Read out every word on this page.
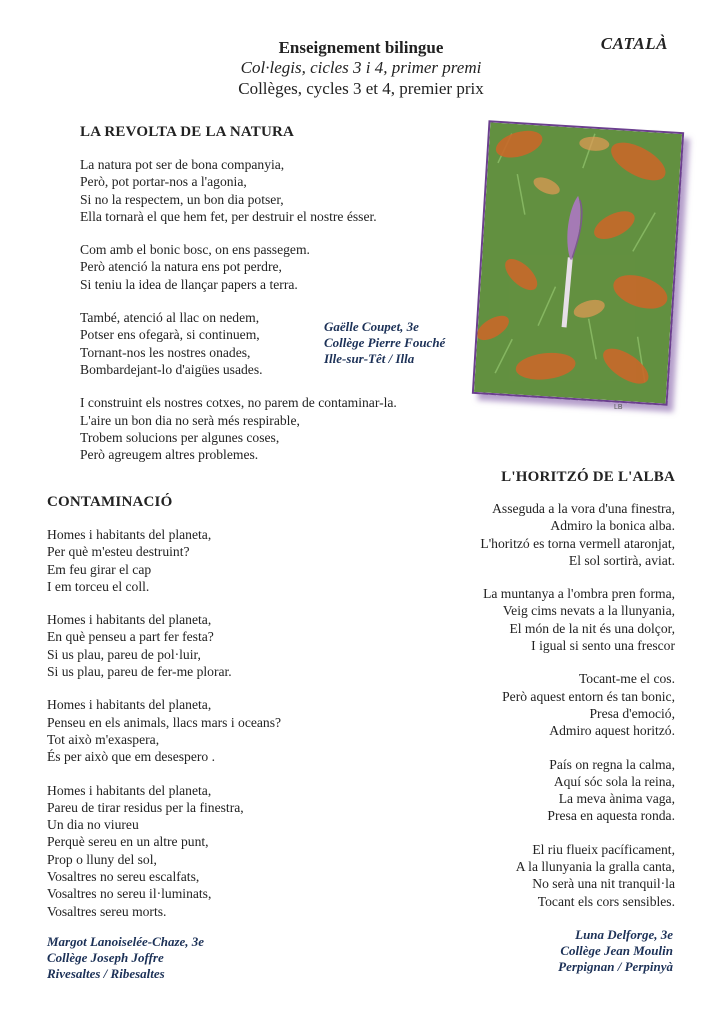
Enseignement bilingue
Col·legis, cicles 3 i 4, primer premi
Collèges, cycles 3 et 4, premier prix
CATALÀ
LA REVOLTA DE LA NATURA
La natura pot ser de bona companyia,
Però, pot portar-nos a l'agonia,
Si no la respectem, un bon dia potser,
Ella tornarà el que hem fet, per destruir el nostre ésser.
Com amb el bonic bosc, on ens passegem.
Però atenció la natura ens pot perdre,
Si teniu la idea de llançar papers a terra.
També, atenció al llac on nedem,
Potser ens ofegarà, si continuem,
Tornant-nos les nostres onades,
Bombardejant-lo d'aigües usades.
I construint els nostres cotxes, no parem de contaminar-la.
L'aire un bon dia no serà més respirable,
Trobem solucions per algunes coses,
Però agreugem altres problemes.
Gaëlle Coupet, 3e
Collège Pierre Fouché
Ille-sur-Têt / Illa
LB
CONTAMINACIÓ
Homes i habitants del planeta,
Per què m'esteu destruint?
Em feu girar el cap
I em torceu el coll.
Homes i habitants del planeta,
En què penseu a part fer festa?
Si us plau, pareu de pol·luir,
Si us plau, pareu de fer-me plorar.
Homes i habitants del planeta,
Penseu en els animals, llacs mars i oceans?
Tot això m'exaspera,
És per això que em desespero .
Homes i habitants del planeta,
Pareu de tirar residus per la finestra,
Un dia no viureu
Perquè sereu en un altre punt,
Prop o lluny del sol,
Vosaltres no sereu escalfats,
Vosaltres no sereu il·luminats,
Vosaltres sereu morts.
Margot Lanoiselée-Chaze, 3e
Collège Joseph Joffre
Rivesaltes / Ribesaltes
L'HORITZÓ DE L'ALBA
Asseguda a la vora d'una finestra,
Admiro la bonica alba.
L'horitzó es torna vermell ataronjat,
El sol sortirà, aviat.
La muntanya a l'ombra pren forma,
Veig cims nevats a la llunyania,
El món de la nit és una dolçor,
I igual si sento una frescor
Tocant-me el cos.
Però aquest entorn és tan bonic,
Presa d'emoció,
Admiro aquest horitzó.
País on regna la calma,
Aquí sóc sola la reina,
La meva ànima vaga,
Presa en aquesta ronda.
El riu flueix pacíficament,
A la llunyania la gralla canta,
No serà una nit tranquil·la
Tocant els cors sensibles.
Luna Delforge, 3e
Collège Jean Moulin
Perpignan / Perpinyà
